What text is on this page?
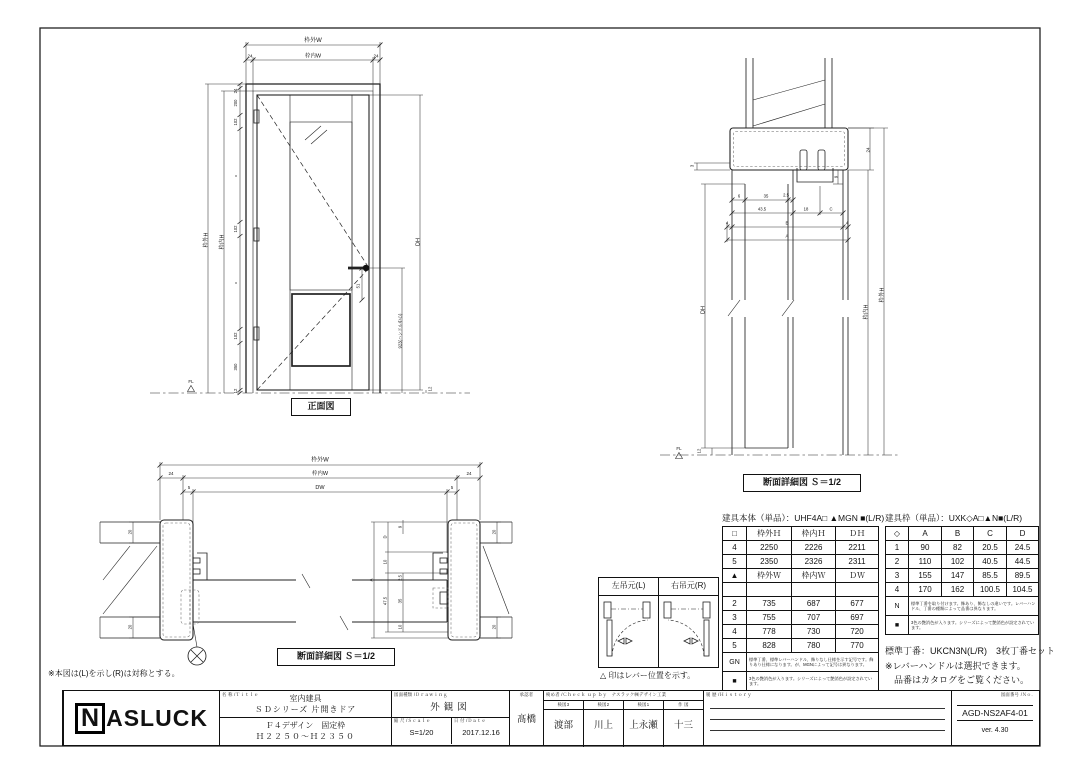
枠外W
24	枠内W	24
枠外H	枠内H
24
200
102
=
102
=
102
350
12
DH
923(ハンドル中心)
51
12
FL
3
24
9
6	35	2.5
43.5	18	C
4	B	4
A
DH
12
FL
枠内H
枠外H
枠外W
24	枠内W	24
5	DW	5
20
20
20
20
A
D
10
47.5
9
2.5
35
10
正面図
断面詳細図 Ｓ＝1/2
断面詳細図 Ｓ＝1/2
※本図は(L)を示し(R)は対称とする。
左吊元(L)	右吊元(R)
△ 印はレバー位置を示す。
建具本体（単品）：UHF4A□ ▲MGN ■(L/R)
□	枠外Ｈ	枠内Ｈ	ＤＨ
4	2250	2226	2211
5	2350	2326	2311
▲	枠外Ｗ	枠内Ｗ	ＤＷ

2	735	687	677
3	755	707	697
4	778	730	720
5	828	780	770
GN	標準丁番、標準レバーハンドル、飾りなし仕様を示す記号です。飾りあり仕様になります。が、MGNによって記号は異なります。		
■	3色の艶消色が入ります。シリーズによって艶消色が設定されています。		
建具枠（単品）：UXK◇A□▲N■(L/R)
◇	A	B	C	D
1	90	82	20.5	24.5
2	110	102	40.5	44.5
3	155	147	85.5	89.5
4	170	162	100.5	104.5
N	標準丁番を取り付けます。飾あり、飾なしの違いです。レバーハンドル、丁番の種類によって品番は異なります。			
■	3色の艶消色が入ります。シリーズによって艶消色が設定されています。			
標準丁番：UKCN3N(L/R)　3枚丁番セット
※レバーハンドルは選択できます。
　品番はカタログをご覧ください。
N ASLUCK
名 称 /Ｔｉｔｌｅ	室内建具
ＳＤシリーズ 片開きドア
Ｆ４デザイン　固定枠
Ｈ２２５０～Ｈ２３５０
図面種類 /Ｄｒａｗｉｎｇ
外観図
縮 尺 /Ｓｃａｌｅ
S=1/20
日 付 /Ｄａｔｅ
2017.12.16
承認者
髙橋
検め者 /Ｃｈｅｃｋ ｕｐ ｂｙ　ナスラック㈱デザイン工業
検図3
渡部
検図2
川上
検図1
上永瀬
作 図
十三
履 歴 /Ｈｉｓｔｏｒｙ	図面番号 /Ｎｏ．
AGD-NS2AF4-01
ver. 4.30
